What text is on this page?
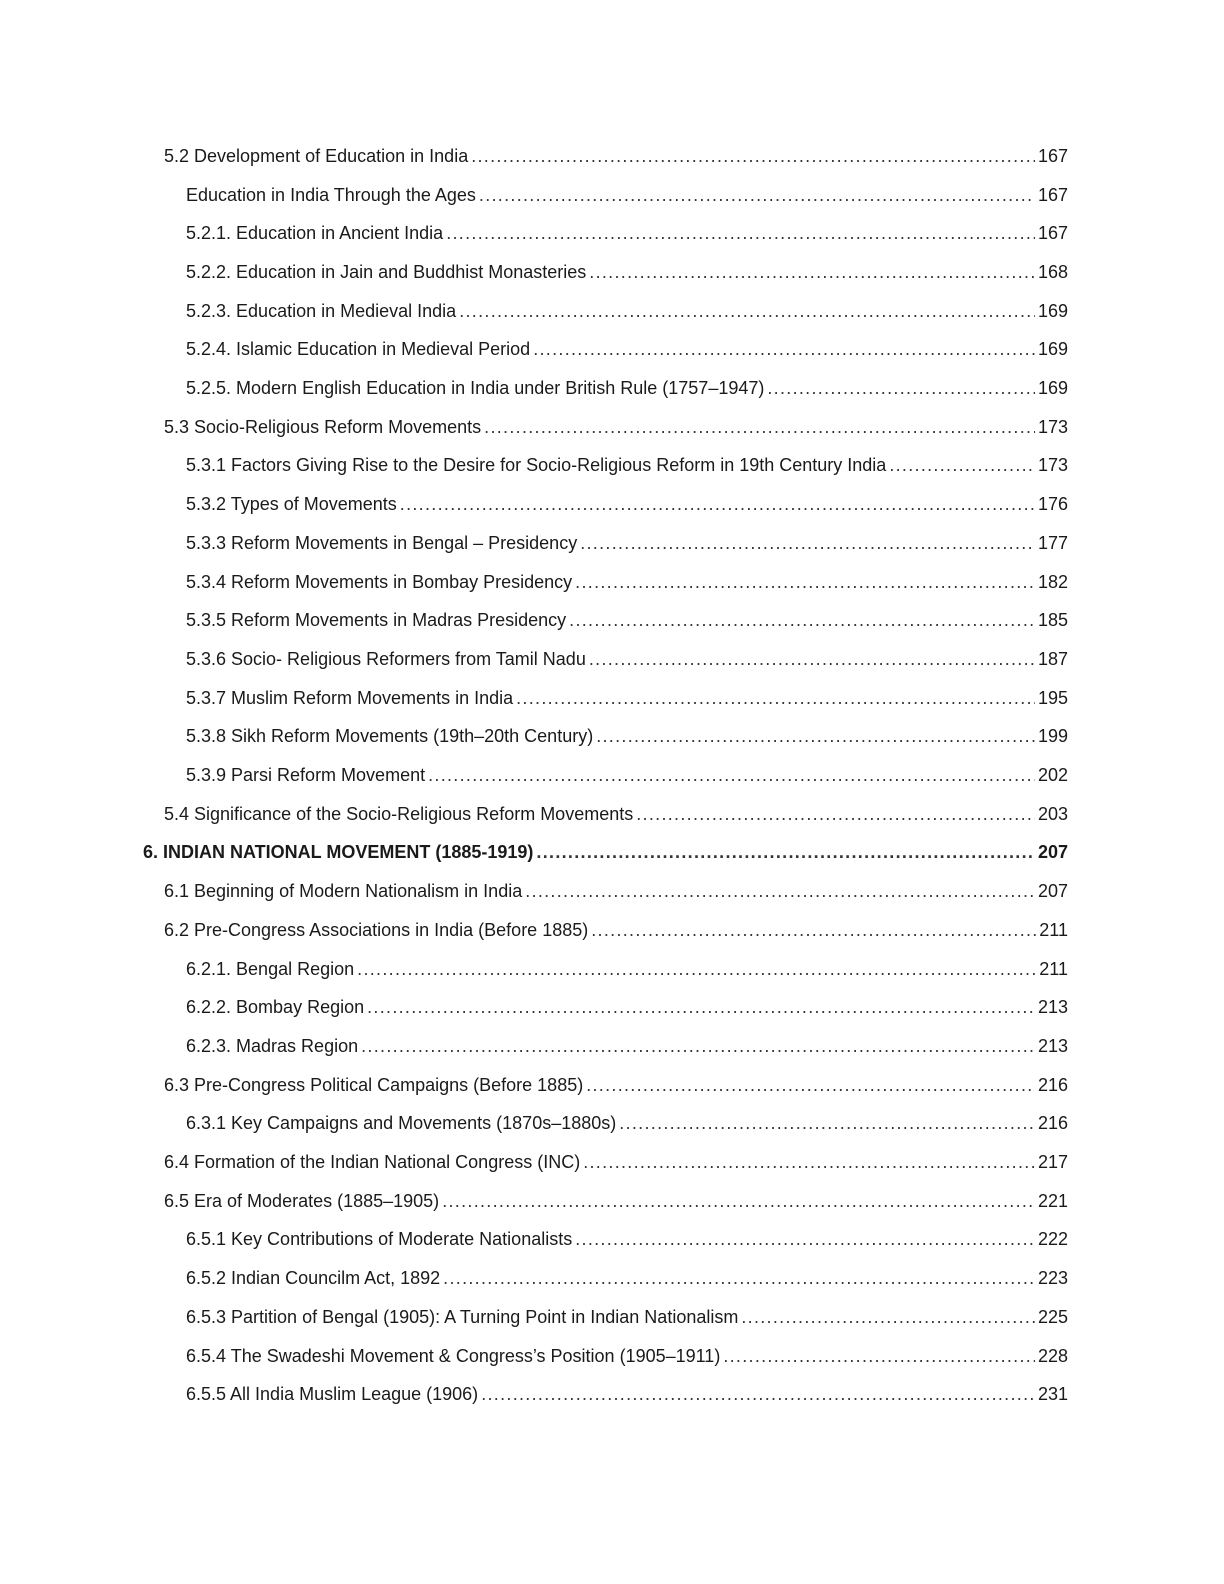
5.2 Development of Education in India .....	167
Education in India Through the Ages .....	167
5.2.1. Education in Ancient India .....	167
5.2.2. Education in Jain and Buddhist Monasteries .....	168
5.2.3. Education in Medieval India .....	169
5.2.4. Islamic Education in Medieval Period .....	169
5.2.5. Modern English Education in India under British Rule (1757–1947) .....	169
5.3 Socio-Religious Reform Movements .....	173
5.3.1 Factors Giving Rise to the Desire for Socio-Religious Reform in 19th Century India .....	173
5.3.2 Types of Movements .....	176
5.3.3 Reform Movements in Bengal – Presidency .....	177
5.3.4 Reform Movements in Bombay Presidency .....	182
5.3.5 Reform Movements in Madras Presidency .....	185
5.3.6 Socio- Religious Reformers from Tamil Nadu .....	187
5.3.7 Muslim Reform Movements in India .....	195
5.3.8 Sikh Reform Movements (19th–20th Century) .....	199
5.3.9 Parsi Reform Movement .....	202
5.4 Significance of the Socio-Religious Reform Movements .....	203
6. INDIAN NATIONAL MOVEMENT (1885-1919) .....	207
6.1 Beginning of Modern Nationalism in India .....	207
6.2 Pre-Congress Associations in India (Before 1885) .....	211
6.2.1. Bengal Region .....	211
6.2.2. Bombay Region .....	213
6.2.3. Madras Region .....	213
6.3 Pre-Congress Political Campaigns (Before 1885) .....	216
6.3.1 Key Campaigns and Movements (1870s–1880s) .....	216
6.4 Formation of the Indian National Congress (INC) .....	217
6.5 Era of Moderates (1885–1905) .....	221
6.5.1 Key Contributions of Moderate Nationalists .....	222
6.5.2 Indian Councilm Act, 1892 .....	223
6.5.3 Partition of Bengal (1905): A Turning Point in Indian Nationalism .....	225
6.5.4 The Swadeshi Movement & Congress’s Position (1905–1911) .....	228
6.5.5 All India Muslim League (1906) .....	231
